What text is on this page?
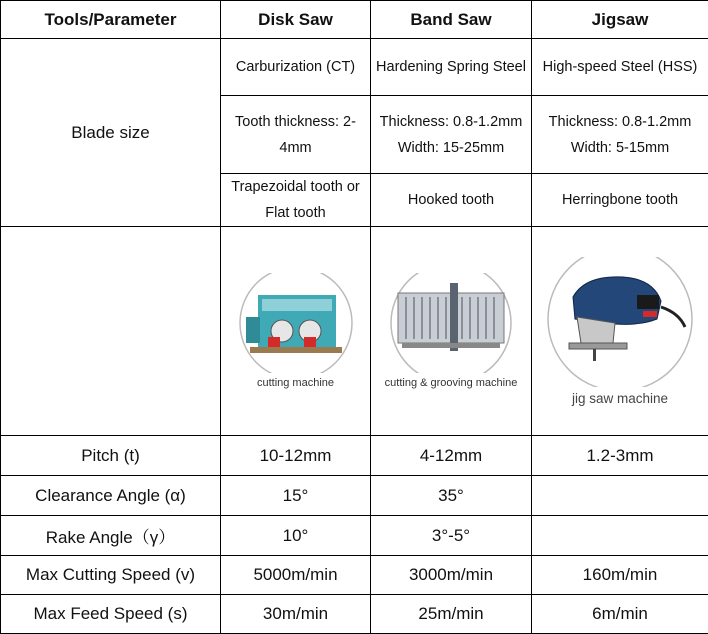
Tools/Parameter	Disk Saw	Band Saw	Jigsaw
Blade size	Carburization (CT)	Hardening Spring Steel	High-speed Steel (HSS)
	Tooth thickness: 2-4mm	Thickness: 0.8-1.2mm Width: 15-25mm	Thickness: 0.8-1.2mm Width: 5-15mm
	Trapezoidal tooth or Flat tooth	Hooked tooth	Herringbone tooth

	cutting machine	cutting & grooving machine	jig saw machine

Pitch (t)	10-12mm	4-12mm	1.2-3mm
Clearance Angle (α)	15°	35°	
Rake Angle（γ）	10°	3°-5°	
Max Cutting Speed (v)	5000m/min	3000m/min	160m/min
Max Feed Speed (s)	30m/min	25m/min	6m/min
